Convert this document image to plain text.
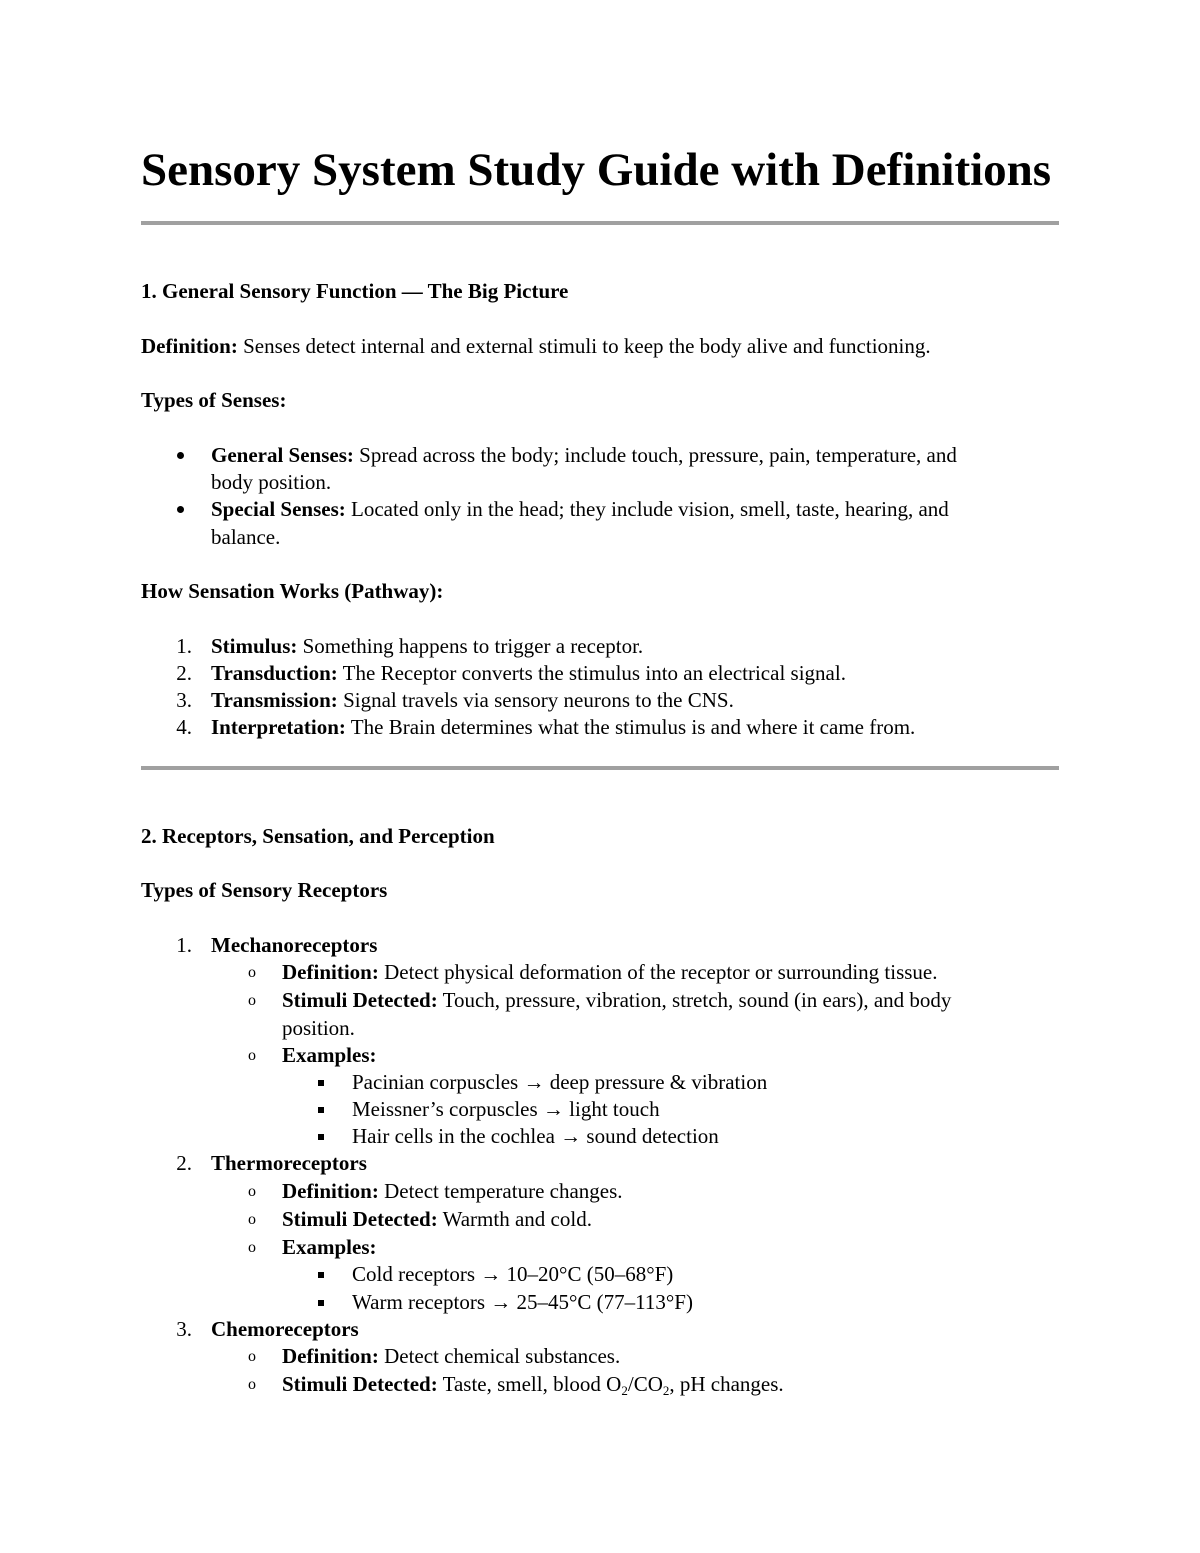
Sensory System Study Guide with Definitions
1. General Sensory Function — The Big Picture
Definition: Senses detect internal and external stimuli to keep the body alive and functioning.
Types of Senses:
General Senses: Spread across the body; include touch, pressure, pain, temperature, and
body position.
Special Senses: Located only in the head; they include vision, smell, taste, hearing, and
balance.
How Sensation Works (Pathway):
1. Stimulus: Something happens to trigger a receptor.
2. Transduction: The Receptor converts the stimulus into an electrical signal.
3. Transmission: Signal travels via sensory neurons to the CNS.
4. Interpretation: The Brain determines what the stimulus is and where it came from.
2. Receptors, Sensation, and Perception
Types of Sensory Receptors
1. Mechanoreceptors
o Definition: Detect physical deformation of the receptor or surrounding tissue.
o Stimuli Detected: Touch, pressure, vibration, stretch, sound (in ears), and body
position.
o Examples:
Pacinian corpuscles → deep pressure & vibration
Meissner’s corpuscles → light touch
Hair cells in the cochlea → sound detection
2. Thermoreceptors
o Definition: Detect temperature changes.
o Stimuli Detected: Warmth and cold.
o Examples:
Cold receptors → 10–20°C (50–68°F)
Warm receptors → 25–45°C (77–113°F)
3. Chemoreceptors
o Definition: Detect chemical substances.
o Stimuli Detected: Taste, smell, blood $O_2/CO_2$, pH changes.
